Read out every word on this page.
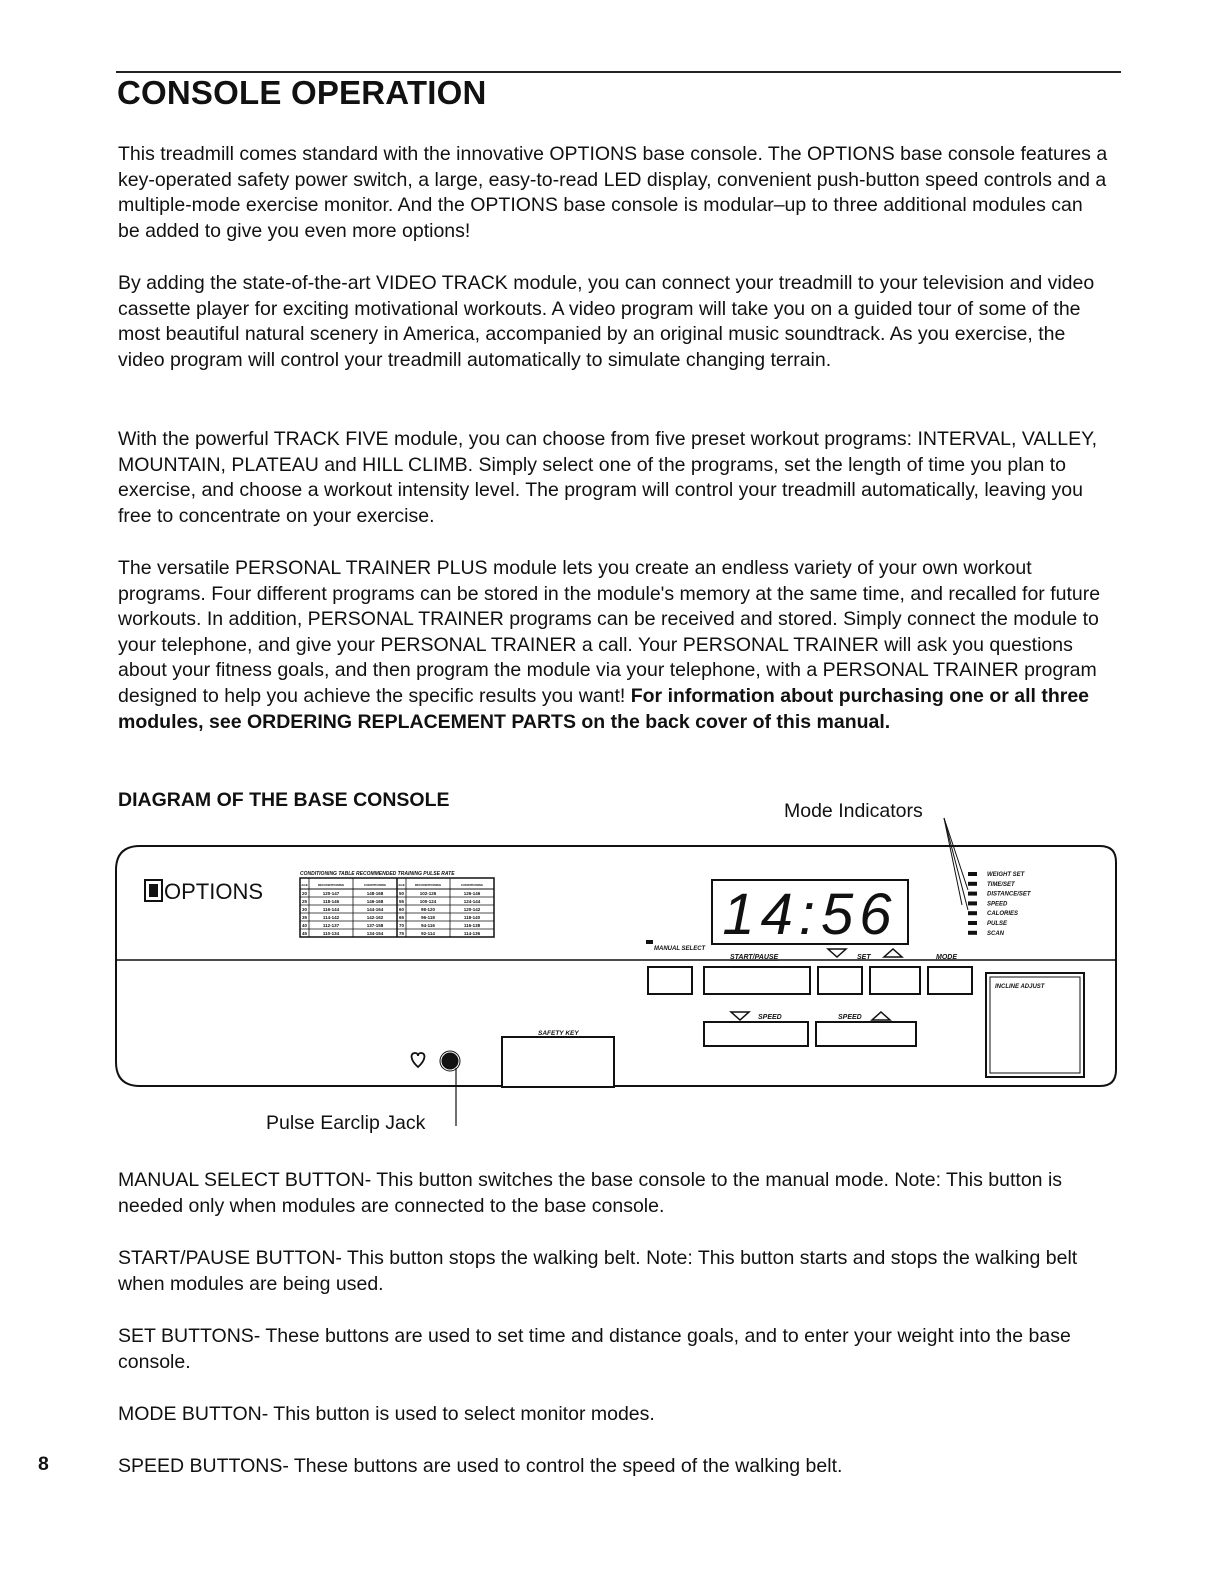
CONSOLE OPERATION

This treadmill comes standard with the innovative OPTIONS base console. The OPTIONS base console features a key-operated safety power switch, a large, easy-to-read LED display, convenient push-button speed controls and a multiple-mode exercise monitor. And the OPTIONS base console is modular–up to three additional modules can be added to give you even more options!

By adding the state-of-the-art VIDEO TRACK module, you can connect your treadmill to your television and video cassette player for exciting motivational workouts. A video program will take you on a guided tour of some of the most beautiful natural scenery in America, accompanied by an original music soundtrack. As you exercise, the video program will control your treadmill automatically to simulate changing terrain.

With the powerful TRACK FIVE module, you can choose from five preset workout programs: INTERVAL, VALLEY, MOUNTAIN, PLATEAU and HILL CLIMB. Simply select one of the programs, set the length of time you plan to exercise, and choose a workout intensity level. The program will control your treadmill automatically, leaving you free to concentrate on your exercise.

The versatile PERSONAL TRAINER PLUS module lets you create an endless variety of your own workout programs. Four different programs can be stored in the module's memory at the same time, and recalled for future workouts. In addition, PERSONAL TRAINER programs can be received and stored. Simply connect the module to your telephone, and give your PERSONAL TRAINER a call. Your PERSONAL TRAINER will ask you questions about your fitness goals, and then program the module via your telephone, with a PERSONAL TRAINER program designed to help you achieve the specific results you want! For information about purchasing one or all three modules, see ORDERING REPLACEMENT PARTS on the back cover of this manual.

DIAGRAM OF THE BASE CONSOLE	Mode Indicators
Pulse Earclip Jack
OPTIONS
CONDITIONING TABLE RECOMMENDED TRAINING PULSE RATE
AGE	RECONDITIONING	CONDITIONING	AGE	RECONDITIONING	CONDITIONING
20	120-147	148-168	50	102-126	126-146
25	118-146	146-168	55	100-124	124-144
30	116-144	144-164	60	98-120	120-142
35	114-142	142-162	65	96-118	118-140
40	112-137	137-158	70	94-116	116-138
45	110-134	134-154	75	92-114	114-136	14:56
WEIGHT SET
TIME/SET
DISTANCE/SET
SPEED
CALORIES
PULSE
SCAN
MANUAL SELECT
START/PAUSE	SET	MODE
SPEED	SPEED
INCLINE ADJUST
SAFETY KEY

MANUAL SELECT BUTTON- This button switches the base console to the manual mode. Note: This button is needed only when modules are connected to the base console.

START/PAUSE BUTTON- This button stops the walking belt. Note: This button starts and stops the walking belt when modules are being used.

SET BUTTONS- These buttons are used to set time and distance goals, and to enter your weight into the base console.

MODE BUTTON- This button is used to select monitor modes.

SPEED BUTTONS- These buttons are used to control the speed of the walking belt.

8
